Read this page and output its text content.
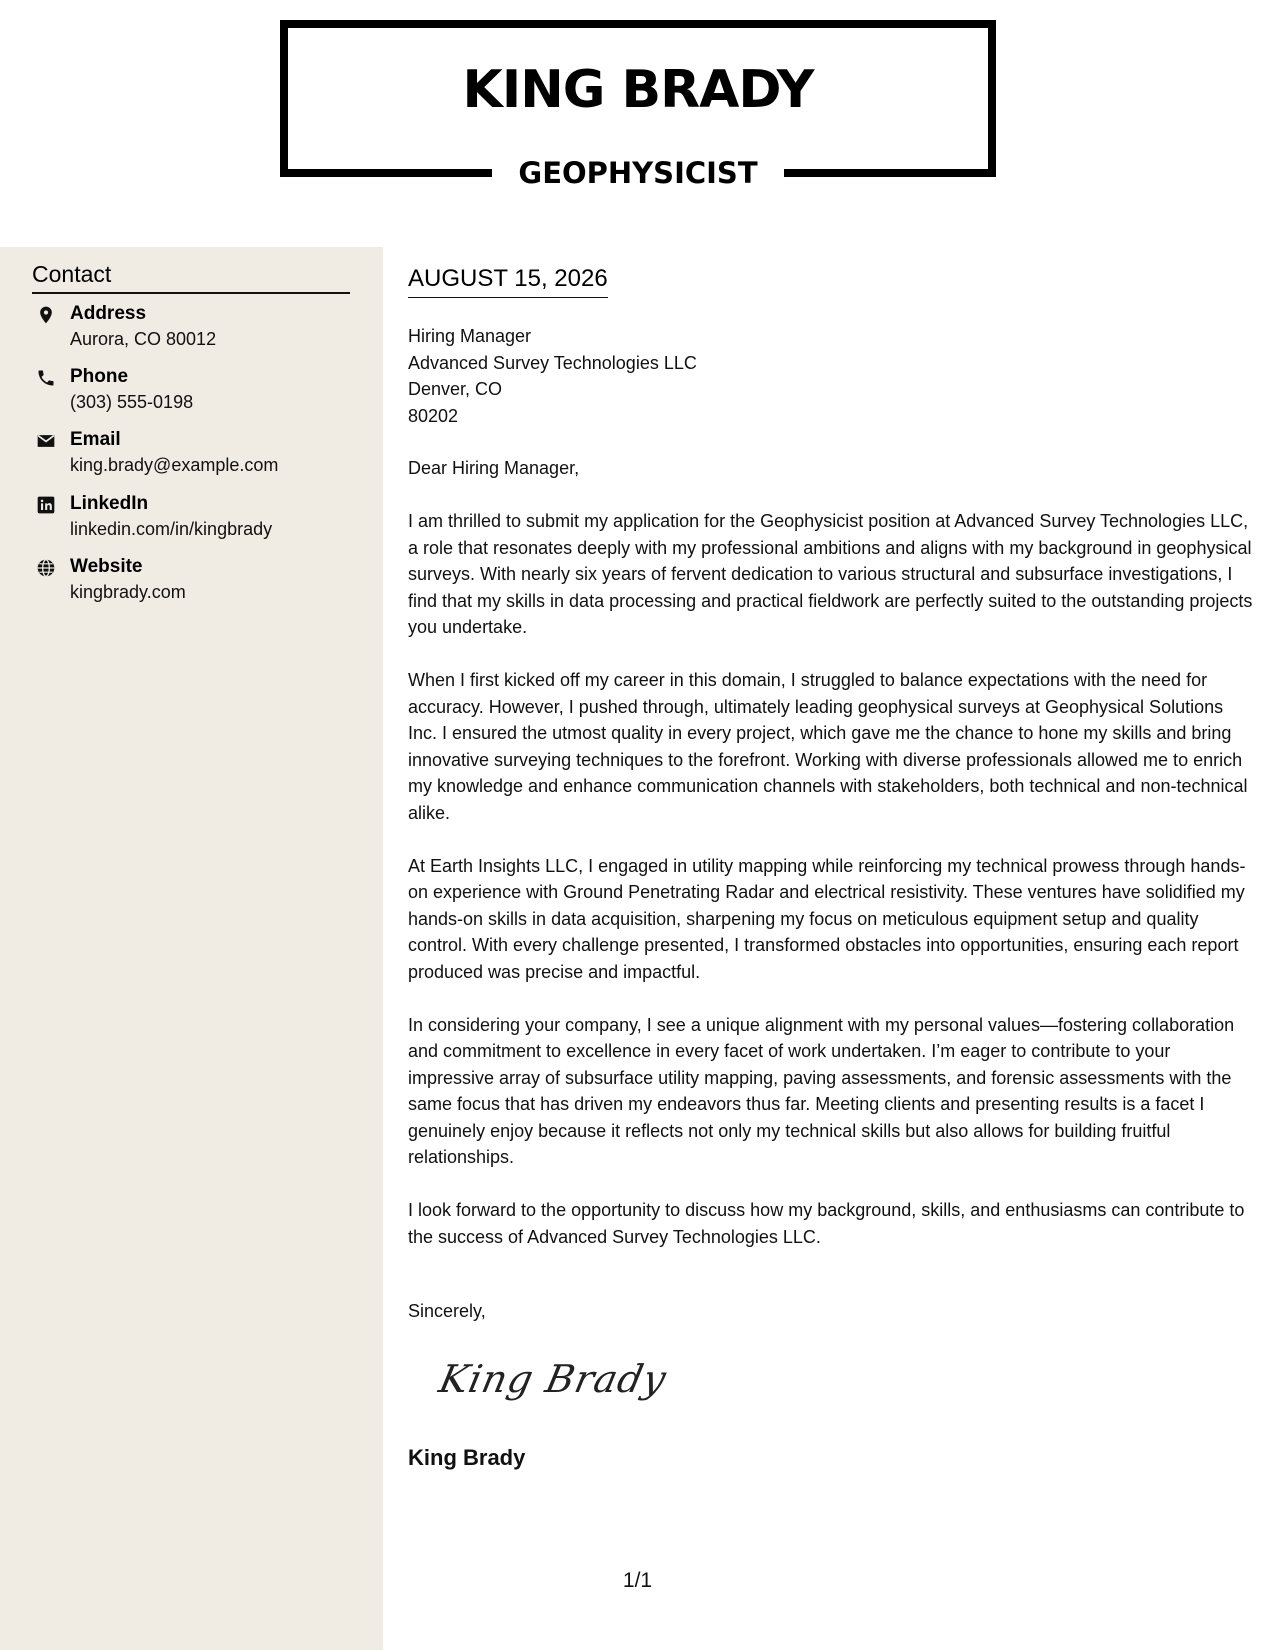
KING BRADY
GEOPHYSICIST
Contact
Address
Aurora, CO 80012
Phone
(303) 555-0198
Email
king.brady@example.com
LinkedIn
linkedin.com/in/kingbrady
Website
kingbrady.com
AUGUST 15, 2026
Hiring Manager
Advanced Survey Technologies LLC
Denver, CO
80202

Dear Hiring Manager,

I am thrilled to submit my application for the Geophysicist position at Advanced Survey Technologies LLC, a role that resonates deeply with my professional ambitions and aligns with my background in geophysical surveys. With nearly six years of fervent dedication to various structural and subsurface investigations, I find that my skills in data processing and practical fieldwork are perfectly suited to the outstanding projects you undertake.

When I first kicked off my career in this domain, I struggled to balance expectations with the need for accuracy. However, I pushed through, ultimately leading geophysical surveys at Geophysical Solutions Inc. I ensured the utmost quality in every project, which gave me the chance to hone my skills and bring innovative surveying techniques to the forefront. Working with diverse professionals allowed me to enrich my knowledge and enhance communication channels with stakeholders, both technical and non-technical alike.

At Earth Insights LLC, I engaged in utility mapping while reinforcing my technical prowess through hands-on experience with Ground Penetrating Radar and electrical resistivity. These ventures have solidified my hands-on skills in data acquisition, sharpening my focus on meticulous equipment setup and quality control. With every challenge presented, I transformed obstacles into opportunities, ensuring each report produced was precise and impactful.

In considering your company, I see a unique alignment with my personal values—fostering collaboration and commitment to excellence in every facet of work undertaken. I’m eager to contribute to your impressive array of subsurface utility mapping, paving assessments, and forensic assessments with the same focus that has driven my endeavors thus far. Meeting clients and presenting results is a facet I genuinely enjoy because it reflects not only my technical skills but also allows for building fruitful relationships.

I look forward to the opportunity to discuss how my background, skills, and enthusiasms can contribute to the success of Advanced Survey Technologies LLC.

Sincerely,
King Brady
King Brady
1/1
